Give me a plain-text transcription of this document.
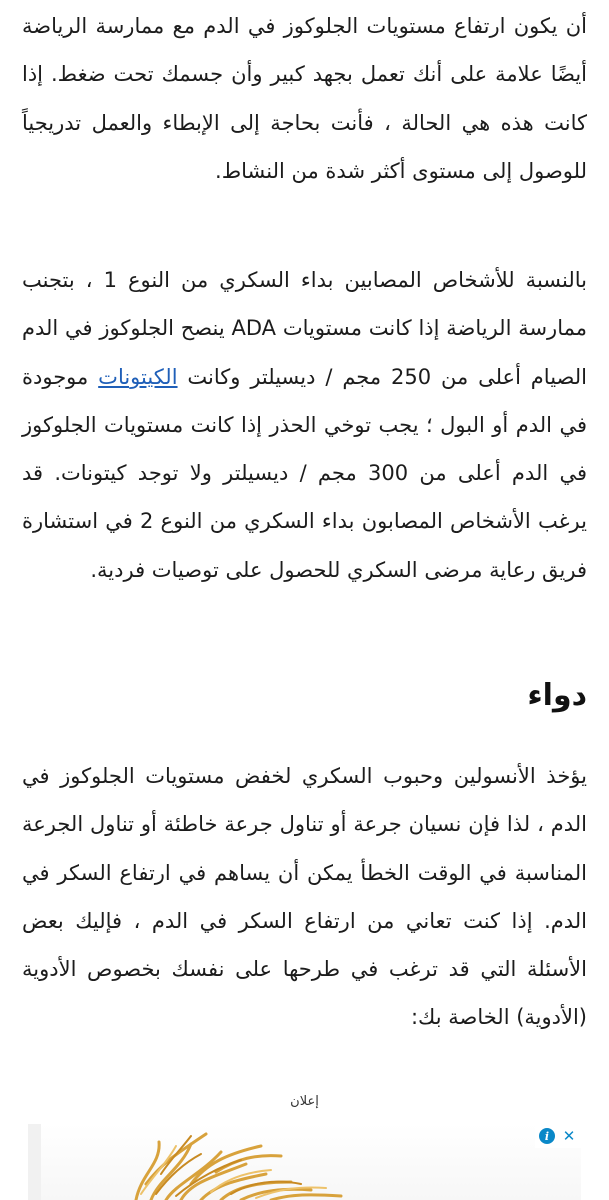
أن يكون ارتفاع مستويات الجلوكوز في الدم مع ممارسة الرياضة أيضًا علامة على أنك تعمل بجهد كبير وأن جسمك تحت ضغط. إذا كانت هذه هي الحالة ، فأنت بحاجة إلى الإبطاء والعمل تدريجياً للوصول إلى مستوى أكثر شدة من النشاط.

بالنسبة للأشخاص المصابين بداء السكري من النوع 1 ، بتجنب ممارسة الرياضة إذا كانت مستويات ADA ينصح الجلوكوز في الدم الصيام أعلى من 250 مجم / ديسيلتر وكانت الكيتونات موجودة في الدم أو البول ؛ يجب توخي الحذر إذا كانت مستويات الجلوكوز في الدم أعلى من 300 مجم / ديسيلتر ولا توجد كيتونات. قد يرغب الأشخاص المصابون بداء السكري من النوع 2 في استشارة فريق رعاية مرضى السكري للحصول على توصيات فردية.

دواء

يؤخذ الأنسولين وحبوب السكري لخفض مستويات الجلوكوز في الدم ، لذا فإن نسيان جرعة أو تناول جرعة خاطئة أو تناول الجرعة المناسبة في الوقت الخطأ يمكن أن يساهم في ارتفاع السكر في الدم. إذا كنت تعاني من ارتفاع السكر في الدم ، فإليك بعض الأسئلة التي قد ترغب في طرحها على نفسك بخصوص الأدوية (الأدوية) الخاصة بك:

إعلان
i ✕
